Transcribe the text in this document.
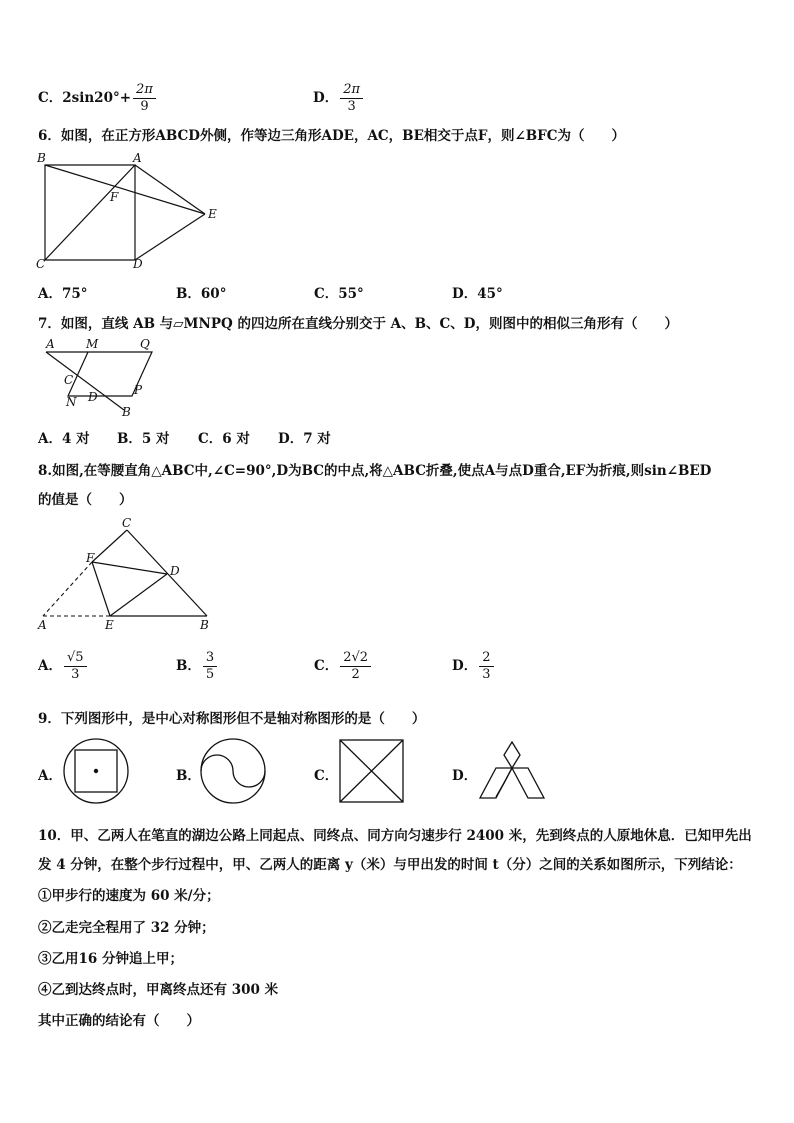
C．$2\sin 20^\circ+ \frac{2\pi}{9}$	D． $\frac{2\pi}{3}$
6．如图，在正方形ABCD外侧，作等边三角形ADE，AC，BE相交于点F，则∠BFC为（　　）
B	A
F
E
C	D
A．75°	B．60°	C．55°	D．45°
7．如图，直线 AB 与▱MNPQ 的四边所在直线分别交于 A、B、C、D，则图中的相似三角形有（　　）
A	M	Q
C
P
N D
B
A．4 对 B．5 对 C．6 对 D．7 对
8.如图,在等腰直角△ABC中,∠C=90°,D为BC的中点,将△ABC折叠,使点A与点D重合,EF为折痕,则sin∠BED
的值是（　　）
C
F
D
A	E	B
A． $\frac{√5}{3}$	B． $\frac{3}{5}$	C． $\frac{2√2}{2}$	D． $\frac{2}{3}$
9．下列图形中，是中心对称图形但不是轴对称图形的是（　　）
A．	B．	C．	D．
10．甲、乙两人在笔直的湖边公路上同起点、同终点、同方向匀速步行 2400 米，先到终点的人原地休息．已知甲先出
发 4 分钟，在整个步行过程中，甲、乙两人的距离 y（米）与甲出发的时间 t（分）之间的关系如图所示，下列结论：
①甲步行的速度为 60 米/分；
②乙走完全程用了 32 分钟；
③乙用16 分钟追上甲；
④乙到达终点时，甲离终点还有 300 米
其中正确的结论有（　　）
